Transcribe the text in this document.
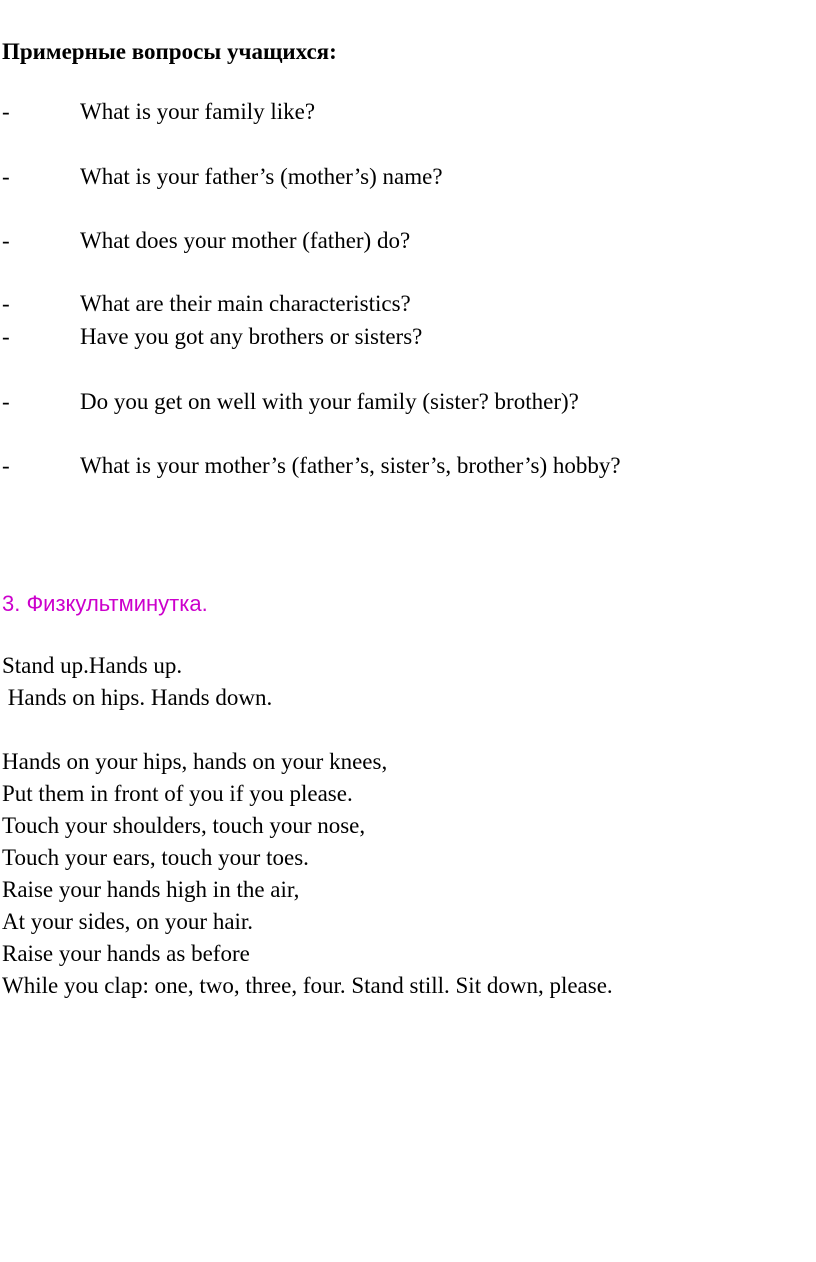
Примерные вопросы учащихся:
-	What is your family like?
-	What is your father’s (mother’s) name?
-	What does your mother (father) do?
-	What are their main characteristics?
-	Have you got any brothers or sisters?
-	Do you get on well with your family (sister? brother)?
-	What is your mother’s (father’s, sister’s, brother’s) hobby?
3. Физкультминутка.
Stand up.Hands up.
Hands on hips. Hands down.
Hands on your hips, hands on your knees,
Put them in front of you if you please.
Touch your shoulders, touch your nose,
Touch your ears, touch your toes.
Raise your hands high in the air,
At your sides, on your hair.
Raise your hands as before
While you clap: one, two, three, four. Stand still. Sit down, please.
